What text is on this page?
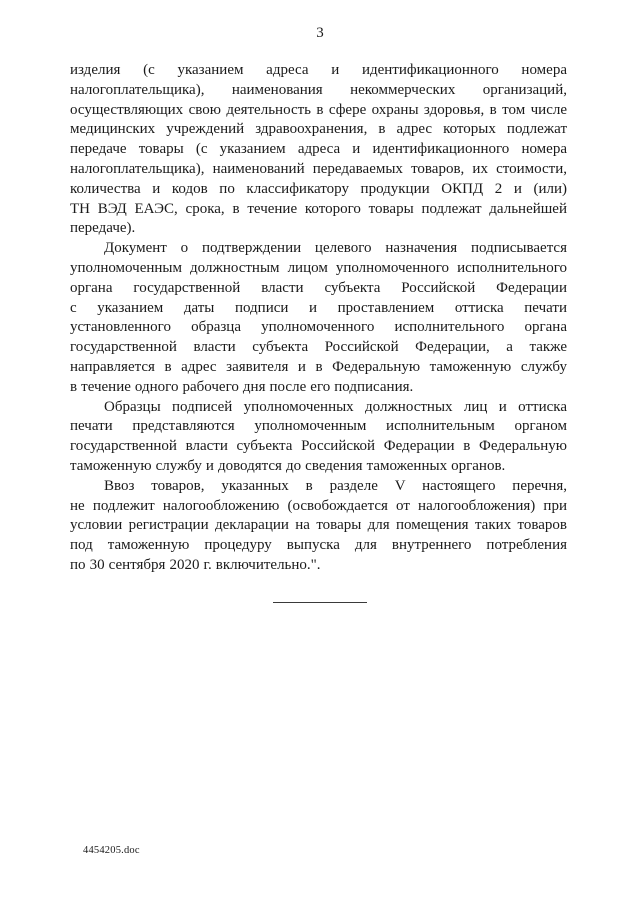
3
изделия (с указанием адреса и идентификационного номера
налогоплательщика), наименования некоммерческих организаций,
осуществляющих свою деятельность в сфере охраны здоровья, в том числе
медицинских учреждений здравоохранения, в адрес которых подлежат
передаче товары (с указанием адреса и идентификационного номера
налогоплательщика), наименований передаваемых товаров, их стоимости,
количества и кодов по классификатору продукции ОКПД 2 и (или)
ТН ВЭД ЕАЭС, срока, в течение которого товары подлежат дальнейшей
передаче).
Документ о подтверждении целевого назначения подписывается
уполномоченным должностным лицом уполномоченного исполнительного
органа государственной власти субъекта Российской Федерации
с указанием даты подписи и проставлением оттиска печати
установленного образца уполномоченного исполнительного органа
государственной власти субъекта Российской Федерации, а также
направляется в адрес заявителя и в Федеральную таможенную службу
в течение одного рабочего дня после его подписания.
Образцы подписей уполномоченных должностных лиц и оттиска
печати представляются уполномоченным исполнительным органом
государственной власти субъекта Российской Федерации в Федеральную
таможенную службу и доводятся до сведения таможенных органов.
Ввоз товаров, указанных в разделе V настоящего перечня,
не подлежит налогообложению (освобождается от налогообложения) при
условии регистрации декларации на товары для помещения таких товаров
под таможенную процедуру выпуска для внутреннего потребления
по 30 сентября 2020 г. включительно.".
4454205.doc
